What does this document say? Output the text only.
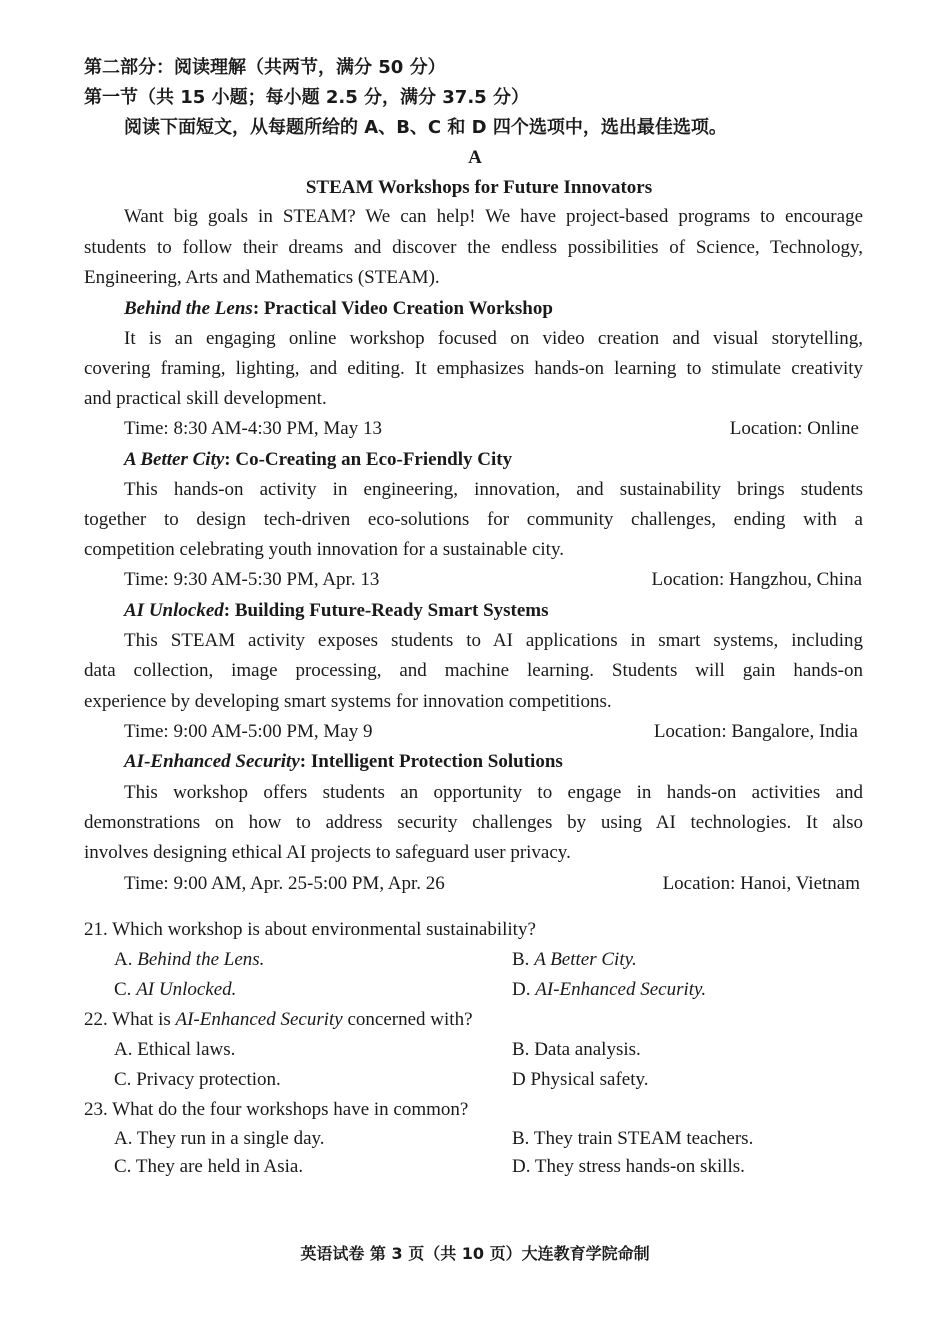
第二部分：阅读理解（共两节，满分 50 分）
第一节（共 15 小题；每小题 2.5 分，满分 37.5 分）
阅读下面短文，从每题所给的 A、B、C 和 D 四个选项中，选出最佳选项。
A
STEAM Workshops for Future Innovators
Want big goals in STEAM? We can help! We have project-based programs to encourage
students to follow their dreams and discover the endless possibilities of Science, Technology,
Engineering, Arts and Mathematics (STEAM).
Behind the Lens: Practical Video Creation Workshop
It is an engaging online workshop focused on video creation and visual storytelling,
covering framing, lighting, and editing. It emphasizes hands-on learning to stimulate creativity
and practical skill development.
Time: 8:30 AM-4:30 PM, May 13	Location: Online
A Better City: Co-Creating an Eco-Friendly City
This hands-on activity in engineering, innovation, and sustainability brings students
together to design tech-driven eco-solutions for community challenges, ending with a
competition celebrating youth innovation for a sustainable city.
Time: 9:30 AM-5:30 PM, Apr. 13	Location: Hangzhou, China
AI Unlocked: Building Future-Ready Smart Systems
This STEAM activity exposes students to AI applications in smart systems, including
data collection, image processing, and machine learning. Students will gain hands-on
experience by developing smart systems for innovation competitions.
Time: 9:00 AM-5:00 PM, May 9	Location: Bangalore, India
AI-Enhanced Security: Intelligent Protection Solutions
This workshop offers students an opportunity to engage in hands-on activities and
demonstrations on how to address security challenges by using AI technologies. It also
involves designing ethical AI projects to safeguard user privacy.
Time: 9:00 AM, Apr. 25-5:00 PM, Apr. 26	Location: Hanoi, Vietnam
21. Which workshop is about environmental sustainability?
A. Behind the Lens.	B. A Better City.
C. AI Unlocked.	D. AI-Enhanced Security.
22. What is AI-Enhanced Security concerned with?
A. Ethical laws.	B. Data analysis.
C. Privacy protection.	D Physical safety.
23. What do the four workshops have in common?
A. They run in a single day.	B. They train STEAM teachers.
C. They are held in Asia.	D. They stress hands-on skills.
英语试卷 第 3 页（共 10 页）大连教育学院命制
